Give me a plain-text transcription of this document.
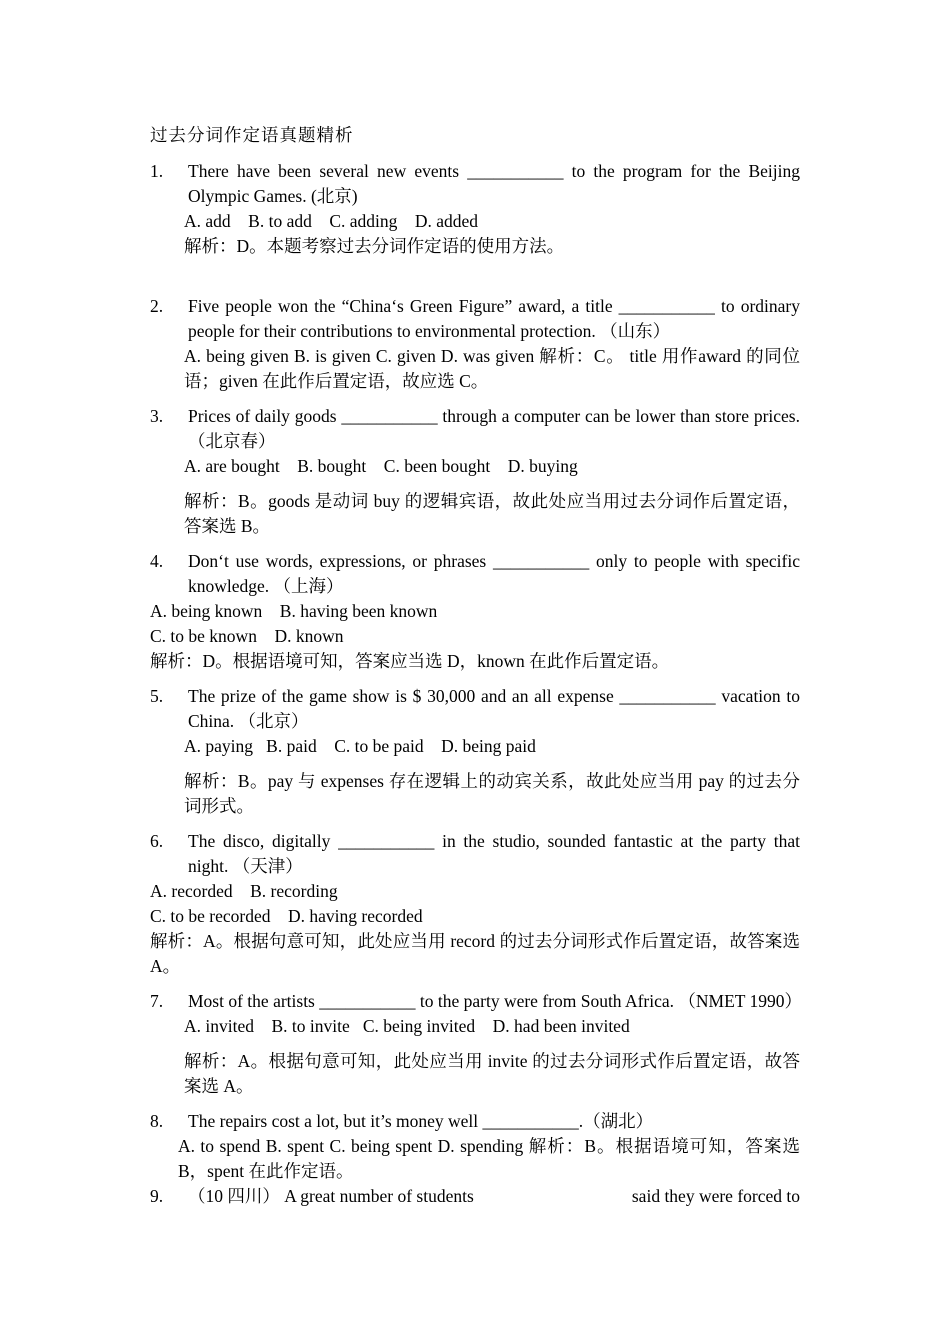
过去分词作定语真题精析
1.	There have been several new events ___________ to the program for the Beijing Olympic Games. (北京)
A. add    B. to add    C. adding    D. added
解析：D。本题考察过去分词作定语的使用方法。
2.	Five people won the “China‘s Green Figure” award, a title ___________ to ordinary people for their contributions to environmental protection. （山东）
A. being given B. is given C. given D. was given 解析：C。 title 用作award 的同位语；given 在此作后置定语，故应选 C。
3.	Prices of daily goods ___________ through a computer can be lower than store prices. （北京春）
A. are bought    B. bought    C. been bought    D. buying
解析：B。goods 是动词 buy 的逻辑宾语，故此处应当用过去分词作后置定语，答案选 B。
4.	Don‘t use words, expressions, or phrases ___________ only to people with specific knowledge. （上海）
A. being known    B. having been known
C. to be known    D. known
解析：D。根据语境可知，答案应当选 D，known 在此作后置定语。
5.	The prize of the game show is $ 30,000 and an all expense ___________ vacation to China. （北京）
A. paying   B. paid    C. to be paid    D. being paid
解析：B。pay 与 expenses 存在逻辑上的动宾关系，故此处应当用 pay 的过去分词形式。
6.	The disco, digitally ___________ in the studio, sounded fantastic at the party that night. （天津）
A. recorded    B. recording
C. to be recorded    D. having recorded
解析：A。根据句意可知，此处应当用 record 的过去分词形式作后置定语，故答案选 A。
7.	Most of the artists ___________ to the party were from South Africa. （NMET 1990）
A. invited    B. to invite   C. being invited    D. had been invited
解析：A。根据句意可知，此处应当用 invite 的过去分词形式作后置定语，故答案选 A。
8.	The repairs cost a lot, but it’s money well ___________.（湖北）
A. to spend B. spent C. being spent D. spending 解析：B。根据语境可知，答案选 B，spent 在此作定语。
9.	（10 四川） A great number of students	said they were forced to
